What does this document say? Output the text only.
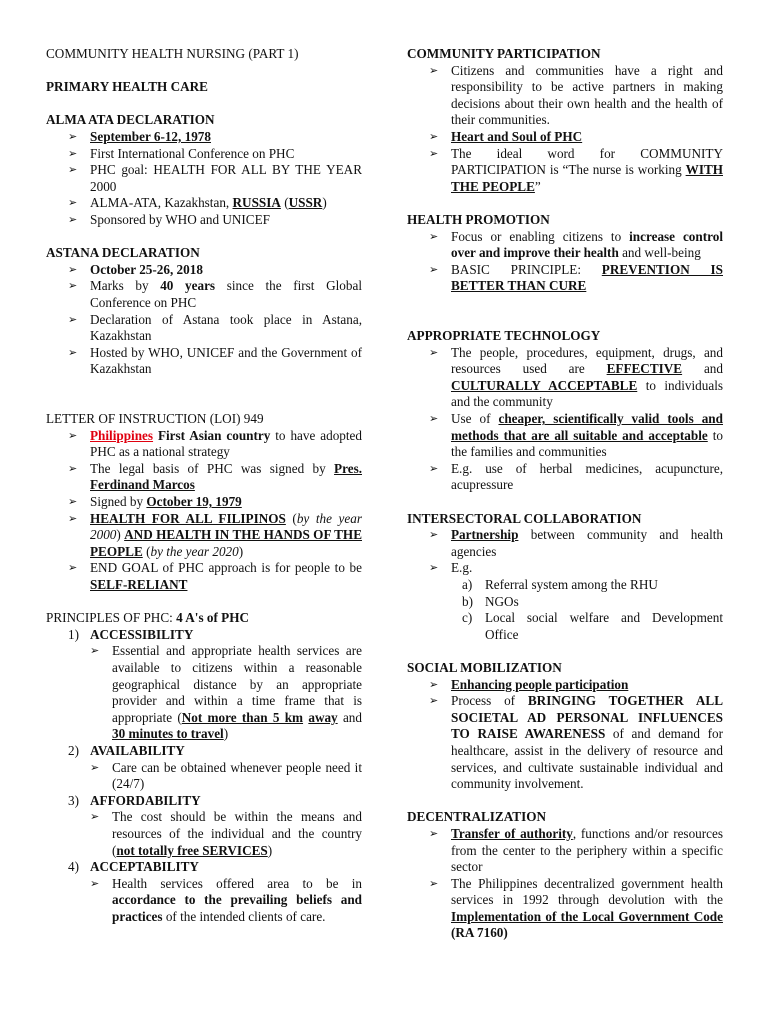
COMMUNITY HEALTH NURSING (PART 1)

PRIMARY HEALTH CARE

ALMA ATA DECLARATION

➢ September 6-12, 1978
➢ First International Conference on PHC
➢ PHC goal: HEALTH FOR ALL BY THE YEAR 2000
➢ ALMA-ATA, Kazakhstan, RUSSIA (USSR)
➢ Sponsored by WHO and UNICEF

ASTANA DECLARATION

➢ October 25-26, 2018
➢ Marks by 40 years since the first Global Conference on PHC
➢ Declaration of Astana took place in Astana, Kazakhstan
➢ Hosted by WHO, UNICEF and the Government of Kazakhstan

LETTER OF INSTRUCTION (LOI) 949

➢ Philippines First Asian country to have adopted PHC as a national strategy
➢ The legal basis of PHC was signed by Pres. Ferdinand Marcos
➢ Signed by October 19, 1979
➢ HEALTH FOR ALL FILIPINOS (by the year 2000) AND HEALTH IN THE HANDS OF THE PEOPLE (by the year 2020)
➢ END GOAL of PHC approach is for people to be SELF-RELIANT

PRINCIPLES OF PHC: 4 A's of PHC

1) ACCESSIBILITY
➢ Essential and appropriate health services are available to citizens within a reasonable geographical distance by an appropriate provider and within a time frame that is appropriate (Not more than 5 km away and 30 minutes to travel)
2) AVAILABILITY
➢ Care can be obtained whenever people need it (24/7)
3) AFFORDABILITY
➢ The cost should be within the means and resources of the individual and the country (not totally free SERVICES)
4) ACCEPTABILITY
➢ Health services offered area to be in accordance to the prevailing beliefs and practices of the intended clients of care.

COMMUNITY PARTICIPATION

➢ Citizens and communities have a right and responsibility to be active partners in making decisions about their own health and the health of their communities.
➢ Heart and Soul of PHC
➢ The ideal word for COMMUNITY PARTICIPATION is “The nurse is working WITH THE PEOPLE”

HEALTH PROMOTION

➢ Focus or enabling citizens to increase control over and improve their health and well-being
➢ BASIC PRINCIPLE: PREVENTION IS BETTER THAN CURE

APPROPRIATE TECHNOLOGY

➢ The people, procedures, equipment, drugs, and resources used are EFFECTIVE and CULTURALLY ACCEPTABLE to individuals and the community
➢ Use of cheaper, scientifically valid tools and methods that are all suitable and acceptable to the families and communities
➢ E.g. use of herbal medicines, acupuncture, acupressure

INTERSECTORAL COLLABORATION

➢ Partnership between community and health agencies
➢ E.g.
a) Referral system among the RHU
b) NGOs
c) Local social welfare and Development Office

SOCIAL MOBILIZATION

➢ Enhancing people participation
➢ Process of BRINGING TOGETHER ALL SOCIETAL AD PERSONAL INFLUENCES TO RAISE AWARENESS of and demand for healthcare, assist in the delivery of resource and services, and cultivate sustainable individual and community involvement.

DECENTRALIZATION

➢ Transfer of authority, functions and/or resources from the center to the periphery within a specific sector
➢ The Philippines decentralized government health services in 1992 through devolution with the Implementation of the Local Government Code (RA 7160)
